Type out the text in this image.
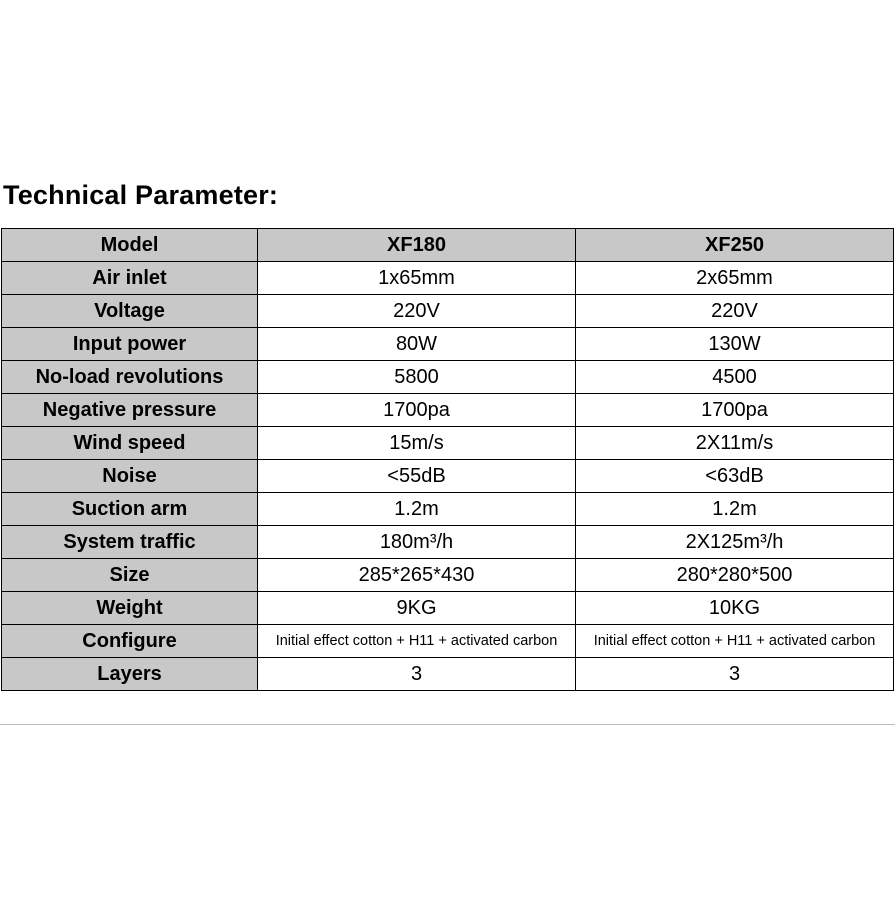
Technical Parameter:
Model	XF180	XF250
Air inlet	1x65mm	2x65mm
Voltage	220V	220V
Input power	80W	130W
No-load revolutions	5800	4500
Negative pressure	1700pa	1700pa
Wind speed	15m/s	2X11m/s
Noise	<55dB	<63dB
Suction arm	1.2m	1.2m
System traffic	180m³/h	2X125m³/h
Size	285*265*430	280*280*500
Weight	9KG	10KG
Configure	Initial effect cotton + H11 + activated carbon	Initial effect cotton + H11 + activated carbon
Layers	3	3
